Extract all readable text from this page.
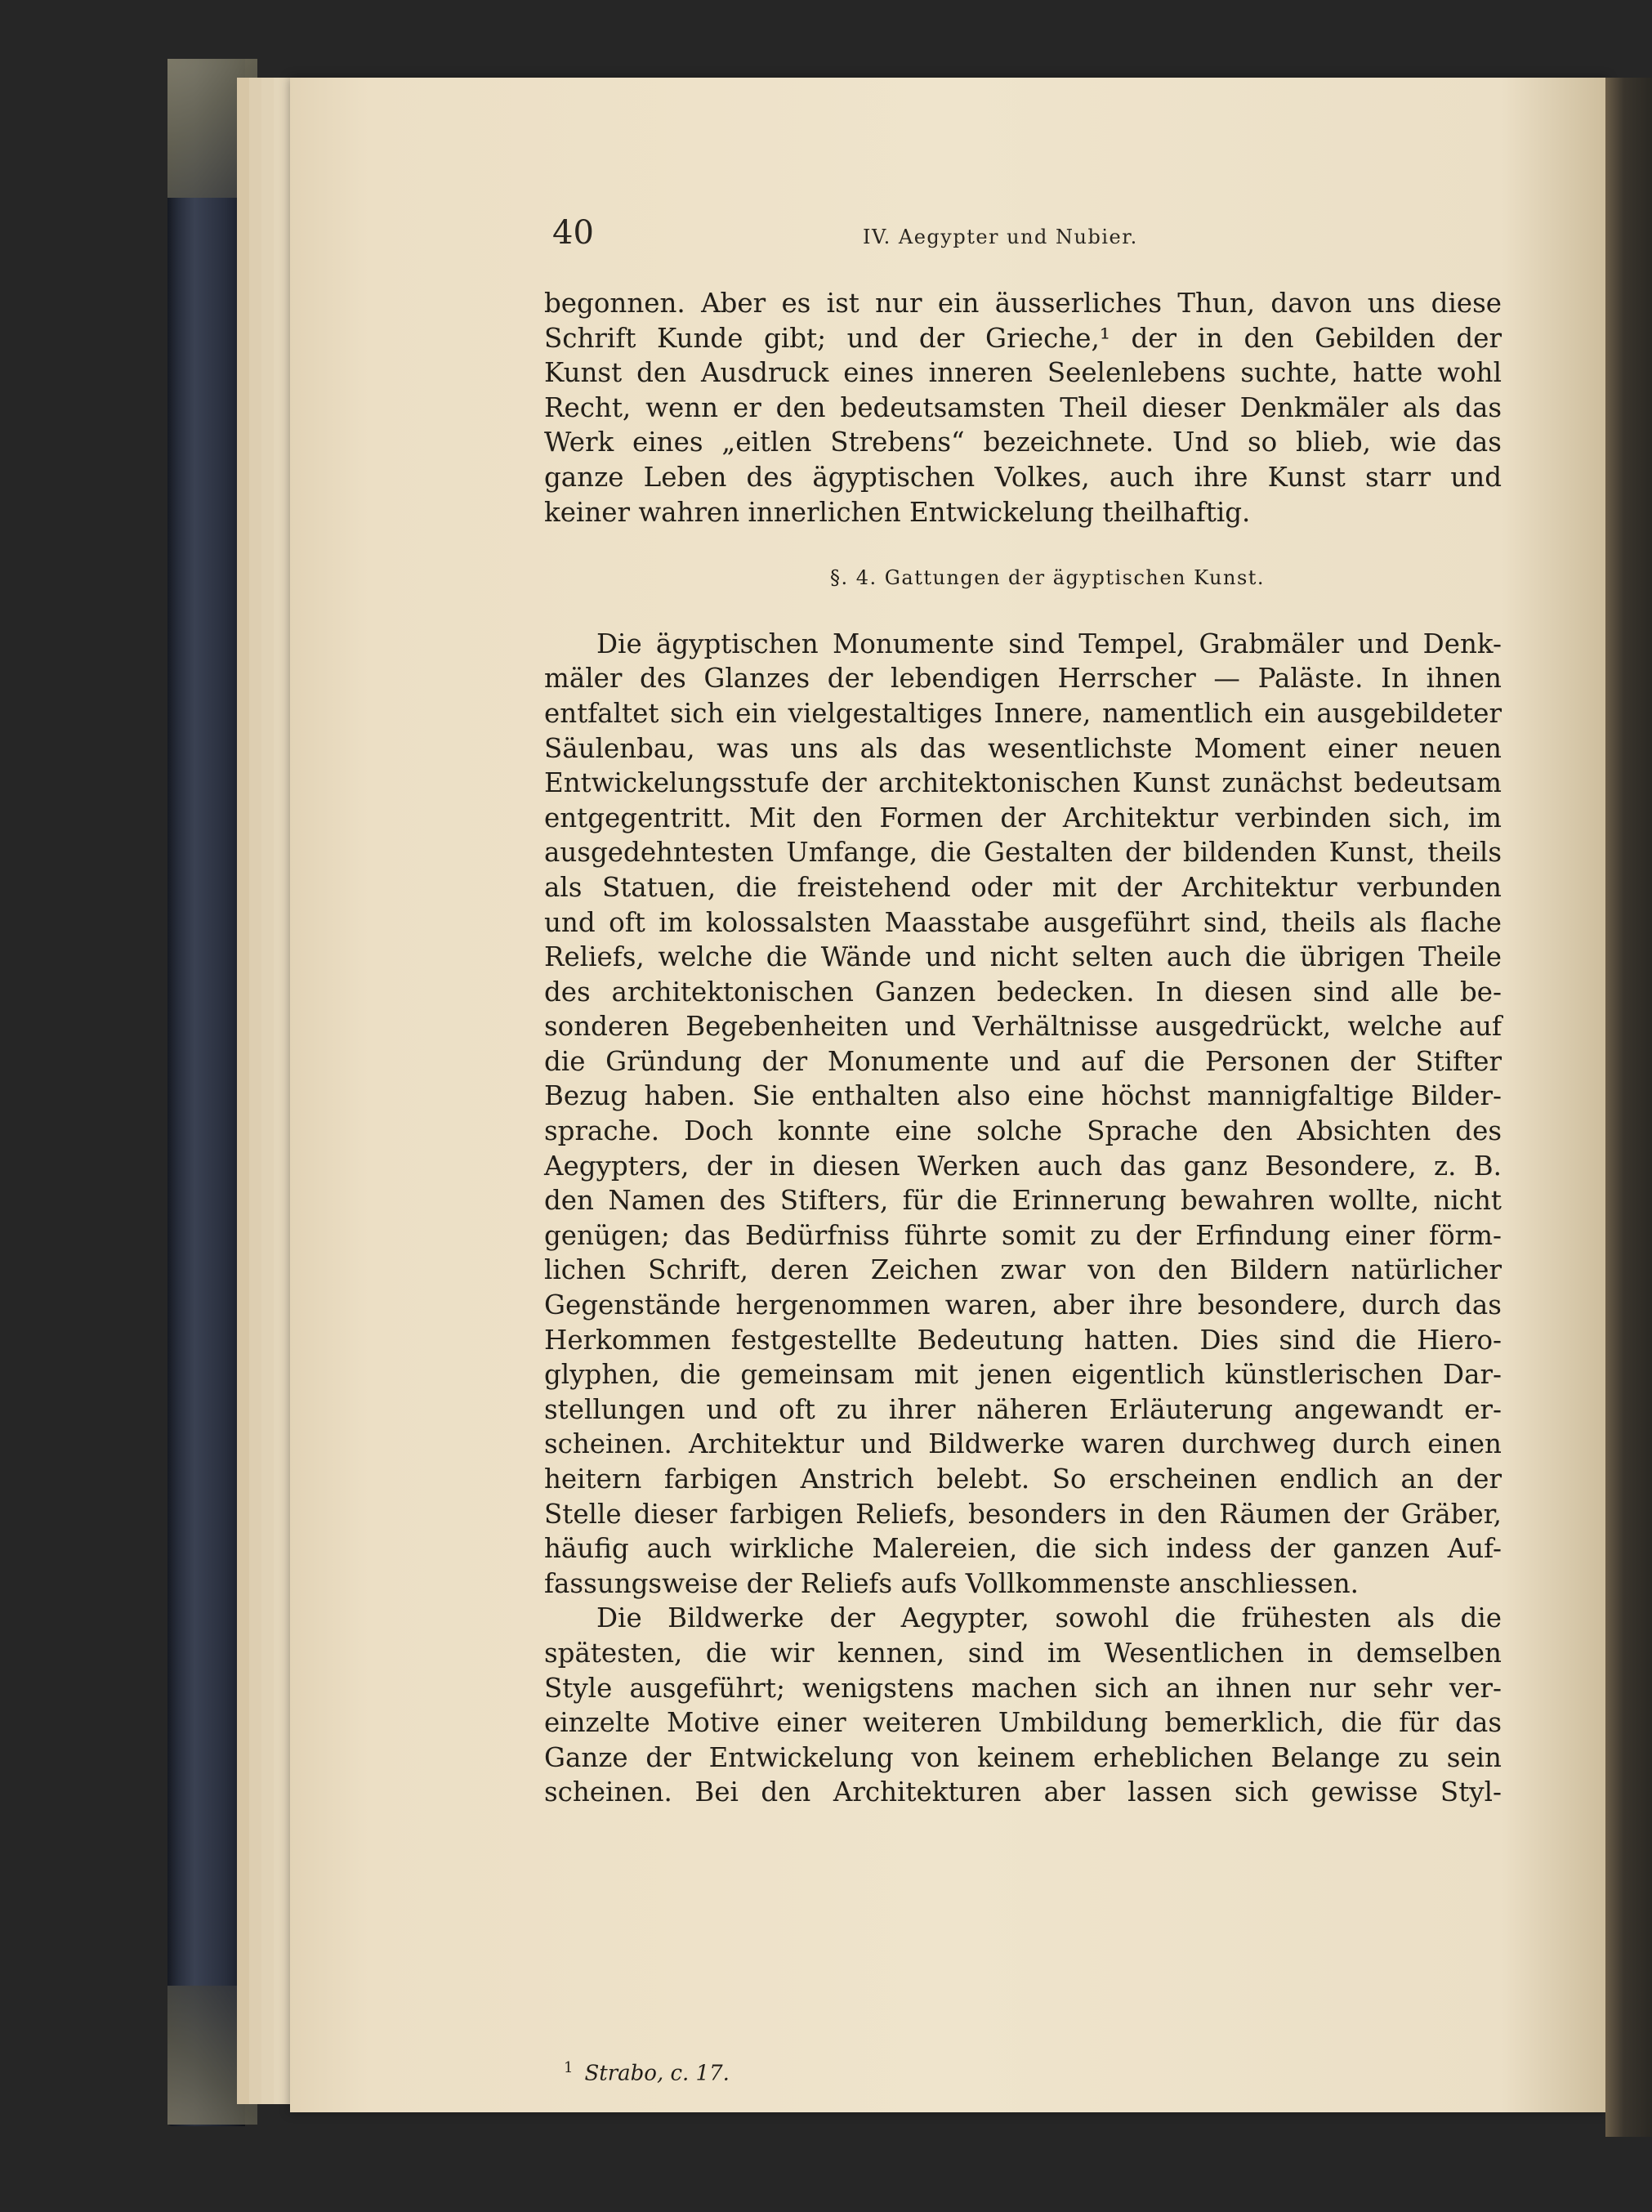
40	IV. Aegypter und Nubier.
begonnen. Aber es ist nur ein äusserliches Thun, davon uns diese
Schrift Kunde gibt; und der Grieche,¹ der in den Gebilden der
Kunst den Ausdruck eines inneren Seelenlebens suchte, hatte wohl
Recht, wenn er den bedeutsamsten Theil dieser Denkmäler als das
Werk eines „eitlen Strebens“ bezeichnete. Und so blieb, wie das
ganze Leben des ägyptischen Volkes, auch ihre Kunst starr und
keiner wahren innerlichen Entwickelung theilhaftig.
§. 4. Gattungen der ägyptischen Kunst.
Die ägyptischen Monumente sind Tempel, Grabmäler und Denk-
mäler des Glanzes der lebendigen Herrscher — Paläste. In ihnen
entfaltet sich ein vielgestaltiges Innere, namentlich ein ausgebildeter
Säulenbau, was uns als das wesentlichste Moment einer neuen
Entwickelungsstufe der architektonischen Kunst zunächst bedeutsam
entgegentritt. Mit den Formen der Architektur verbinden sich, im
ausgedehntesten Umfange, die Gestalten der bildenden Kunst, theils
als Statuen, die freistehend oder mit der Architektur verbunden
und oft im kolossalsten Maasstabe ausgeführt sind, theils als flache
Reliefs, welche die Wände und nicht selten auch die übrigen Theile
des architektonischen Ganzen bedecken. In diesen sind alle be-
sonderen Begebenheiten und Verhältnisse ausgedrückt, welche auf
die Gründung der Monumente und auf die Personen der Stifter
Bezug haben. Sie enthalten also eine höchst mannigfaltige Bilder-
sprache. Doch konnte eine solche Sprache den Absichten des
Aegypters, der in diesen Werken auch das ganz Besondere, z. B.
den Namen des Stifters, für die Erinnerung bewahren wollte, nicht
genügen; das Bedürfniss führte somit zu der Erfindung einer förm-
lichen Schrift, deren Zeichen zwar von den Bildern natürlicher
Gegenstände hergenommen waren, aber ihre besondere, durch das
Herkommen festgestellte Bedeutung hatten. Dies sind die Hiero-
glyphen, die gemeinsam mit jenen eigentlich künstlerischen Dar-
stellungen und oft zu ihrer näheren Erläuterung angewandt er-
scheinen. Architektur und Bildwerke waren durchweg durch einen
heitern farbigen Anstrich belebt. So erscheinen endlich an der
Stelle dieser farbigen Reliefs, besonders in den Räumen der Gräber,
häufig auch wirkliche Malereien, die sich indess der ganzen Auf-
fassungsweise der Reliefs aufs Vollkommenste anschliessen.
Die Bildwerke der Aegypter, sowohl die frühesten als die
spätesten, die wir kennen, sind im Wesentlichen in demselben
Style ausgeführt; wenigstens machen sich an ihnen nur sehr ver-
einzelte Motive einer weiteren Umbildung bemerklich, die für das
Ganze der Entwickelung von keinem erheblichen Belange zu sein
scheinen. Bei den Architekturen aber lassen sich gewisse Styl-
$^1$ Strabo, c. 17.
